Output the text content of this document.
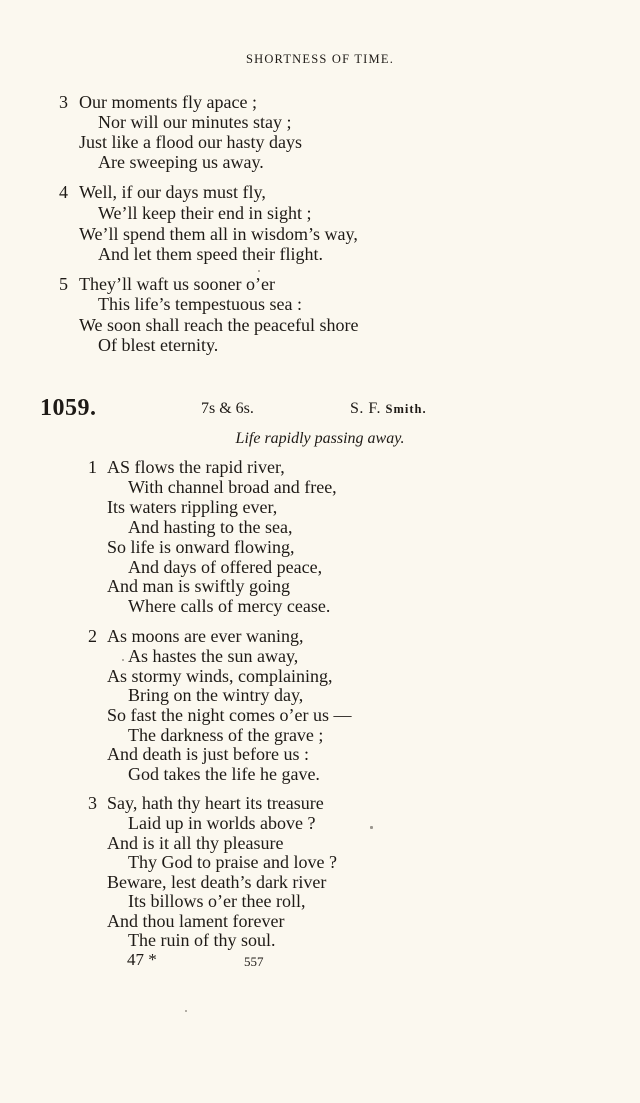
SHORTNESS OF TIME.
3 Our moments fly apace ;
Nor will our minutes stay ;
Just like a flood our hasty days
Are sweeping us away.
4 Well, if our days must fly,
We’ll keep their end in sight ;
We’ll spend them all in wisdom’s way,
And let them speed their flight.
5 They’ll waft us sooner o’er
This life’s tempestuous sea :
We soon shall reach the peaceful shore
Of blest eternity.
1059.	7s & 6s.	S. F. Smith.
Life rapidly passing away.
1 AS flows the rapid river,
With channel broad and free,
Its waters rippling ever,
And hasting to the sea,
So life is onward flowing,
And days of offered peace,
And man is swiftly going
Where calls of mercy cease.
2 As moons are ever waning,
As hastes the sun away,
As stormy winds, complaining,
Bring on the wintry day,
So fast the night comes o’er us —
The darkness of the grave ;
And death is just before us :
God takes the life he gave.
3 Say, hath thy heart its treasure
Laid up in worlds above ?
And is it all thy pleasure
Thy God to praise and love ?
Beware, lest death’s dark river
Its billows o’er thee roll,
And thou lament forever
The ruin of thy soul.
47 *	557
